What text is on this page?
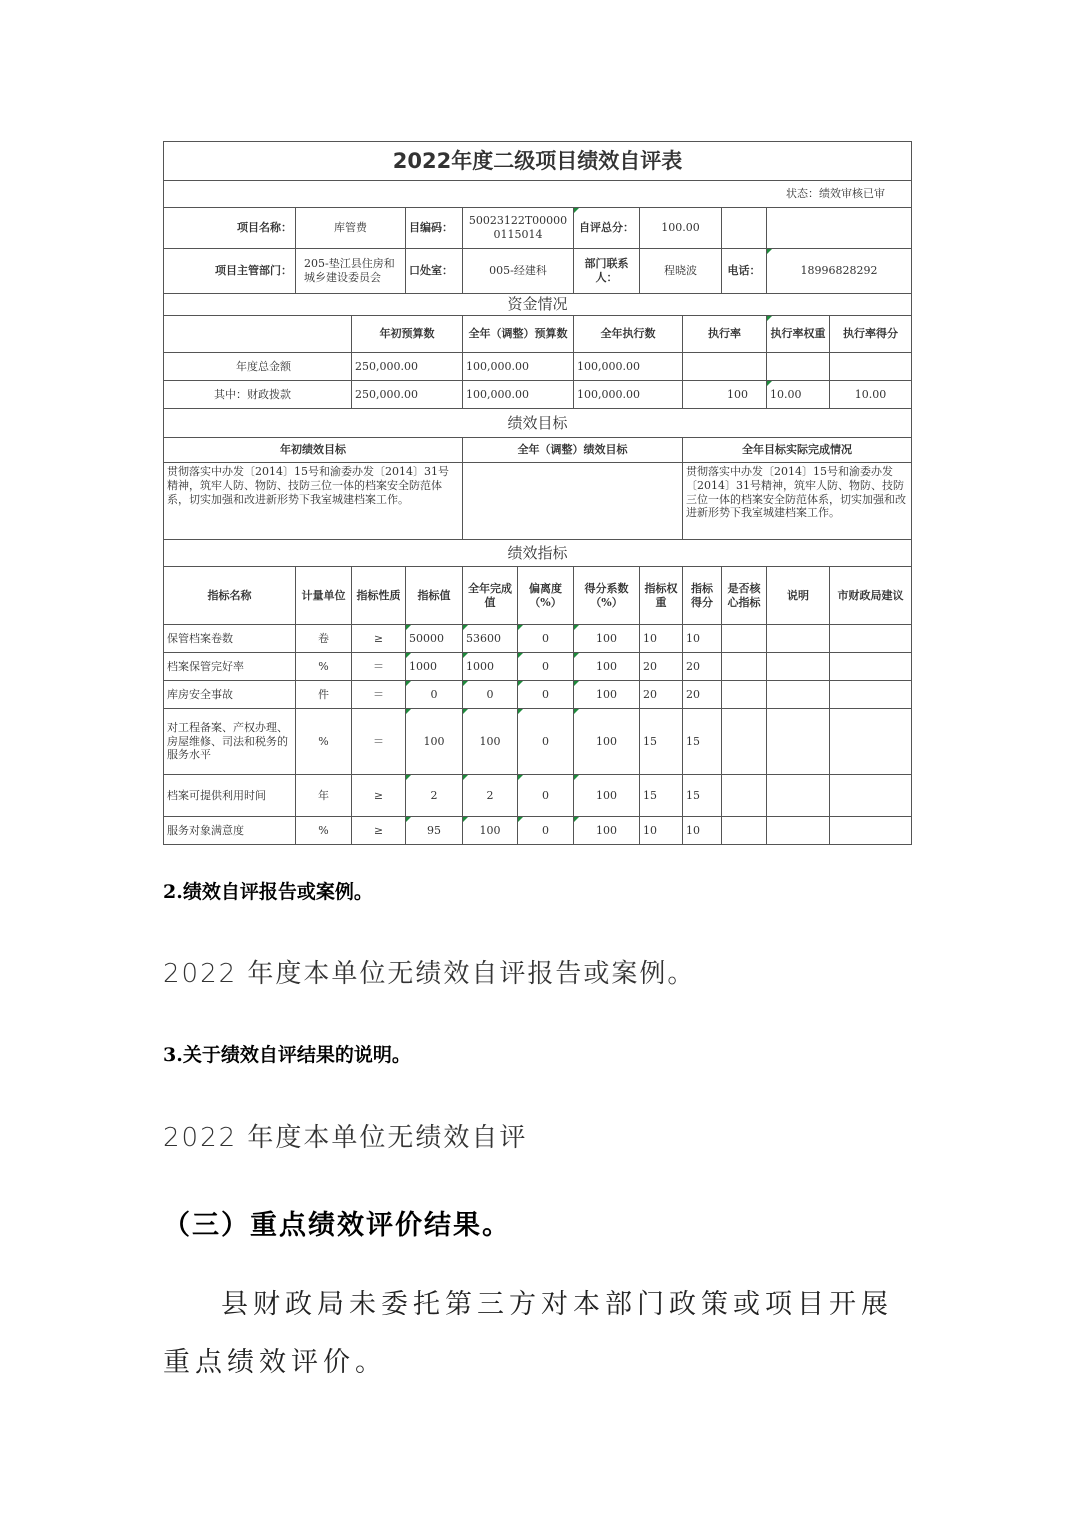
2022年度二级项目绩效自评表											
状态：绩效审核已审											
项目名称：	库管费		目编码：	50023122T000000115014		自评总分：	100.00				
项目主管部门：	205-垫江县住房和城乡建设委员会		口处室：	005-经建科		部门联系人：	程晓波		电话：	18996828292	
资金情况											
		年初预算数		全年（调整）预算数		全年执行数		执行率		执行率权重	执行率得分
年度总金额		250,000.00		100,000.00		100,000.00					
其中：财政拨款		250,000.00		100,000.00		100,000.00		100		10.00	10.00
绩效目标											
年初绩效目标				全年（调整）绩效目标				全年目标实际完成情况			
贯彻落实中办发〔2014〕15号和渝委办发〔2014〕31号精神，筑牢人防、物防、技防三位一体的档案安全防范体系，切实加强和改进新形势下我室城建档案工作。								贯彻落实中办发〔2014〕15号和渝委办发〔2014〕31号精神，筑牢人防、物防、技防三位一体的档案安全防范体系，切实加强和改进新形势下我室城建档案工作。			
绩效指标											
指标名称	计量单位	指标性质	指标值	全年完成值	偏离度（%）	得分系数（%）	指标权重	指标得分	是否核心指标	说明	市财政局建议
保管档案卷数	卷	≥	50000	53600	0	100	10	10			
档案保管完好率	%	＝	1000	1000	0	100	20	20			
库房安全事故	件	＝	0	0	0	100	20	20			
对工程备案、产权办理、房屋维修、司法和税务的服务水平	%	＝	100	100	0	100	15	15			
档案可提供利用时间	年	≥	2	2	0	100	15	15			
服务对象满意度	%	≥	95	100	0	100	10	10			

2.绩效自评报告或案例。

2022 年度本单位无绩效自评报告或案例。

3.关于绩效自评结果的说明。

2022 年度本单位无绩效自评

（三）重点绩效评价结果。

县财政局未委托第三方对本部门政策或项目开展重点绩效评价。
